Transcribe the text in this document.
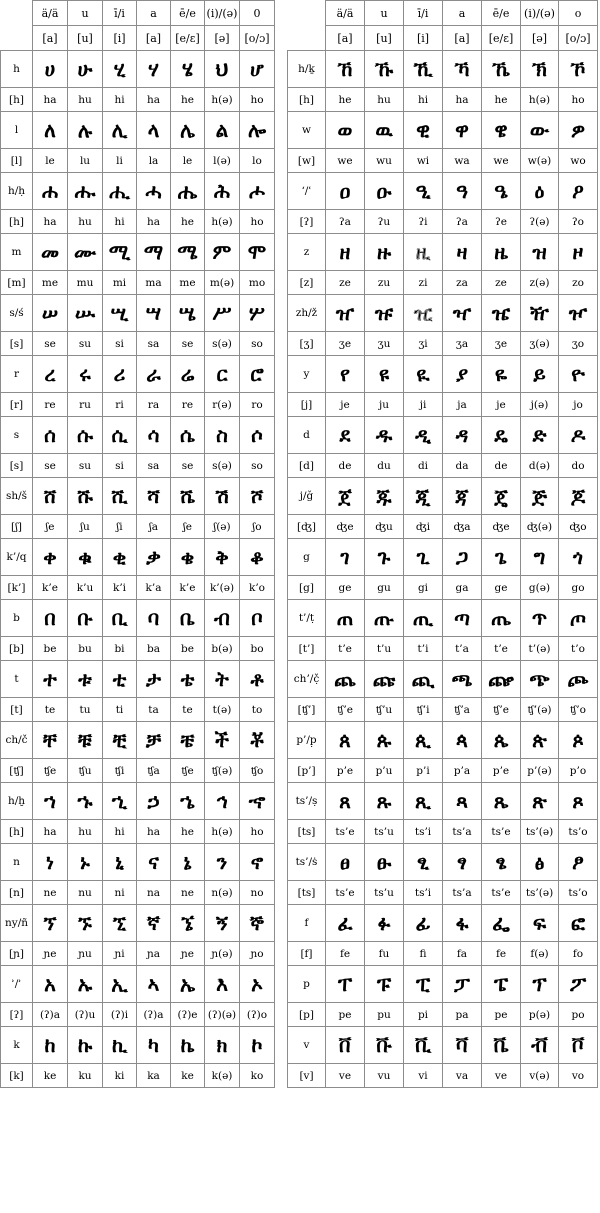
	ä/ä	u	ī/i	a	ē/e	(i)/(ə)	0
	[a]	[u]	[i]	[a]	[e/ε]	[ə]	[o/ɔ]
h	ሀ	ሁ	ሂ	ሃ	ሄ	ህ	ሆ
[h]	ha	hu	hi	ha	he	h(ə)	ho
l	ለ	ሉ	ሊ	ላ	ሌ	ል	ሎ
[l]	le	lu	li	la	le	l(ə)	lo
h/ḥ	ሐ	ሑ	ሒ	ሓ	ሔ	ሕ	ሖ
[h]	ha	hu	hi	ha	he	h(ə)	ho
m	መ	ሙ	ሚ	ማ	ሜ	ም	ሞ
[m]	me	mu	mi	ma	me	m(ə)	mo
s/ś	ሠ	ሡ	ሢ	ሣ	ሤ	ሥ	ሦ
[s]	se	su	si	sa	se	s(ə)	so
r	ረ	ሩ	ሪ	ራ	ሬ	ር	ሮ
[r]	re	ru	ri	ra	re	r(ə)	ro
s	ሰ	ሱ	ሲ	ሳ	ሴ	ስ	ሶ
[s]	se	su	si	sa	se	s(ə)	so
sh/š	ሸ	ሹ	ሺ	ሻ	ሼ	ሽ	ሾ
[ʃ]	ʃe	ʃu	ʃi	ʃa	ʃe	ʃ(ə)	ʃo
k’/q	ቀ	ቁ	ቂ	ቃ	ቄ	ቅ	ቆ
[k’]	k’e	k’u	k’i	k’a	k’e	k’(ə)	k’o
b	በ	ቡ	ቢ	ባ	ቤ	ብ	ቦ
[b]	be	bu	bi	ba	be	b(ə)	bo
t	ተ	ቱ	ቲ	ታ	ቴ	ት	ቶ
[t]	te	tu	ti	ta	te	t(ə)	to
ch/č	ቸ	ቹ	ቺ	ቻ	ቼ	ች	ቾ
[ʧ]	ʧe	ʧu	ʧi	ʧa	ʧe	ʧ(ə)	ʧo
h/ḫ	ኀ	ኁ	ኂ	ኃ	ኄ	ኅ	ኆ
[h]	ha	hu	hi	ha	he	h(ə)	ho
n	ነ	ኑ	ኒ	ና	ኔ	ን	ኖ
[n]	ne	nu	ni	na	ne	n(ə)	no
ny/ñ	ኘ	ኙ	ኚ	ኛ	ኜ	ኝ	ኞ
[ɲ]	ɲe	ɲu	ɲi	ɲa	ɲe	ɲ(ə)	ɲo
ʾ/ʾ	አ	ኡ	ኢ	ኣ	ኤ	እ	ኦ
[ʔ]	(ʔ)a	(ʔ)u	(ʔ)i	(ʔ)a	(ʔ)e	(ʔ)(ə)	(ʔ)o
k	ከ	ኩ	ኪ	ካ	ኬ	ክ	ኮ
[k]	ke	ku	ki	ka	ke	k(ə)	ko
	ä/ä	u	ī/i	a	ē/e	(i)/(ə)	o
	[a]	[u]	[i]	[a]	[e/ε]	[ə]	[o/ɔ]
h/ḵ	ኸ	ኹ	ኺ	ኻ	ኼ	ኽ	ኾ
[h]	he	hu	hi	ha	he	h(ə)	ho
w	ወ	ዉ	ዊ	ዋ	ዌ	ው	ዎ
[w]	we	wu	wi	wa	we	w(ə)	wo
ʻ/ʿ	ዐ	ዑ	ዒ	ዓ	ዔ	ዕ	ዖ
[ʔ]	ʔa	ʔu	ʔi	ʔa	ʔe	ʔ(ə)	ʔo
z	ዘ	ዙ	ዚ	ዛ	ዜ	ዝ	ዞ
[z]	ze	zu	zi	za	ze	z(ə)	zo
zh/ž	ዠ	ዡ	ዢ	ዣ	ዤ	ዥ	ዦ
[ʒ]	ʒe	ʒu	ʒi	ʒa	ʒe	ʒ(ə)	ʒo
y	የ	ዩ	ዪ	ያ	ዬ	ይ	ዮ
[j]	je	ju	ji	ja	je	j(ə)	jo
d	ደ	ዱ	ዲ	ዳ	ዴ	ድ	ዶ
[d]	de	du	di	da	de	d(ə)	do
j/ǧ	ጀ	ጁ	ጂ	ጃ	ጄ	ጅ	ጆ
[ʤ]	ʤe	ʤu	ʤi	ʤa	ʤe	ʤ(ə)	ʤo
g	ገ	ጉ	ጊ	ጋ	ጌ	ግ	ጎ
[g]	ge	gu	gi	ga	ge	g(ə)	go
t’/ṭ	ጠ	ጡ	ጢ	ጣ	ጤ	ጥ	ጦ
[t’]	t’e	t’u	t’i	t’a	t’e	t’(ə)	t’o
ch’/č̣	ጨ	ጩ	ጪ	ጫ	ጬ	ጭ	ጮ
[ʧ’]	ʧ’e	ʧ’u	ʧ’i	ʧ’a	ʧ’e	ʧ’(ə)	ʧ’o
p’/p̣	ጰ	ጱ	ጲ	ጳ	ጴ	ጵ	ጶ
[p’]	p’e	p’u	p’i	p’a	p’e	p’(ə)	p’o
ts’/ṣ	ጸ	ጹ	ጺ	ጻ	ጼ	ጽ	ጾ
[ts]	ts’e	ts’u	ts’i	ts’a	ts’e	ts’(ə)	ts’o
ts’/ṡ	ፀ	ፁ	ፂ	ፃ	ፄ	ፅ	ፆ
[ts]	ts’e	ts’u	ts’i	ts’a	ts’e	ts’(ə)	ts’o
f	ፈ	ፉ	ፊ	ፋ	ፌ	ፍ	ፎ
[f]	fe	fu	fi	fa	fe	f(ə)	fo
p	ፐ	ፑ	ፒ	ፓ	ፔ	ፕ	ፖ
[p]	pe	pu	pi	pa	pe	p(ə)	po
v	ቨ	ቩ	ቪ	ቫ	ቬ	ቭ	ቮ
[v]	ve	vu	vi	va	ve	v(ə)	vo
